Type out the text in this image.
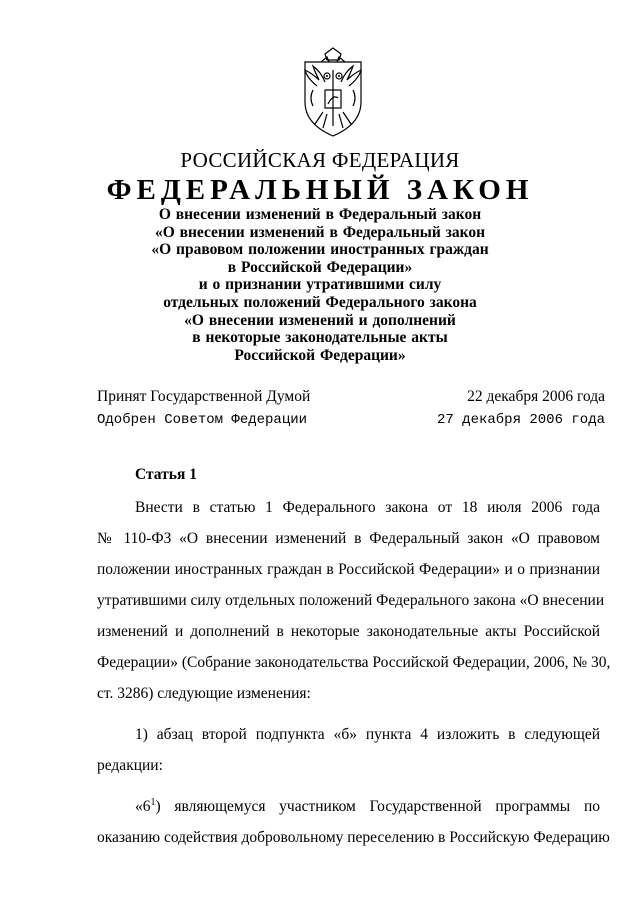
РОССИЙСКАЯ ФЕДЕРАЦИЯ
ФЕДЕРАЛЬНЫЙ ЗАКОН
О внесении изменений в Федеральный закон
«О внесении изменений в Федеральный закон
«О правовом положении иностранных граждан
в Российской Федерации»
и о признании утратившими силу
отдельных положений Федерального закона
«О внесении изменений и дополнений
в некоторые законодательные акты
Российской Федерации»
Принят Государственной Думой	22 декабря 2006 года
Одобрен Советом Федерации	27 декабря 2006 года
Статья 1
Внести в статью 1 Федерального закона от 18 июля 2006 года
№ 110-ФЗ «О внесении изменений в Федеральный закон «О правовом
положении иностранных граждан в Российской Федерации» и о признании
утратившими силу отдельных положений Федерального закона «О внесении
изменений и дополнений в некоторые законодательные акты Российской
Федерации» (Собрание законодательства Российской Федерации, 2006, № 30,
ст. 3286) следующие изменения:
1) абзац второй подпункта «б» пункта 4 изложить в следующей
редакции:
«$6^1$) являющемуся участником Государственной программы по
оказанию содействия добровольному переселению в Российскую Федерацию
